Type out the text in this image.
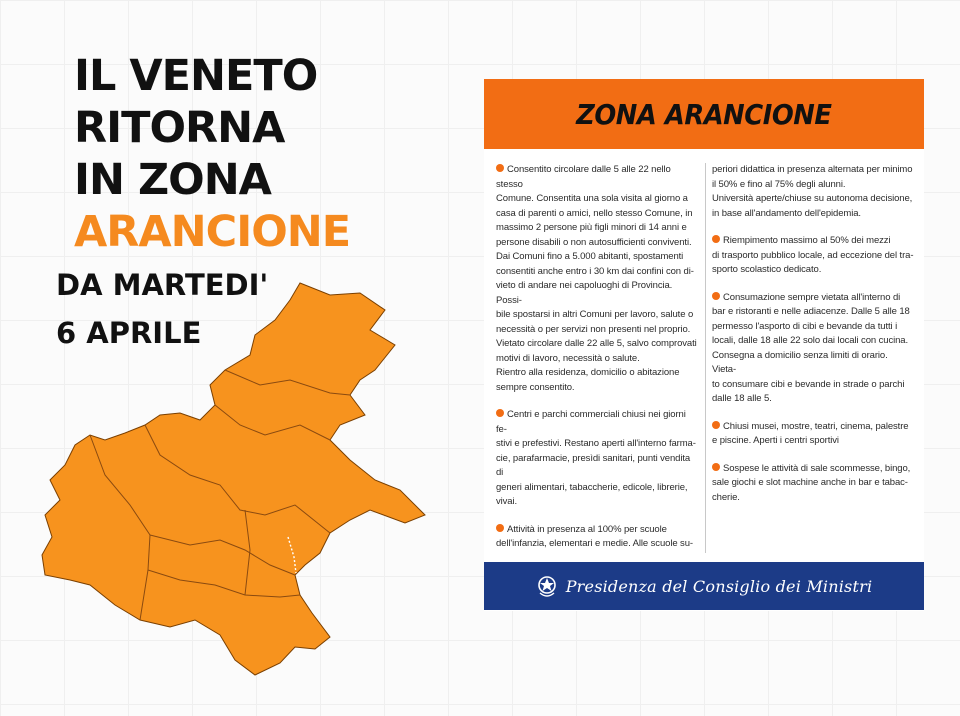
IL VENETO
RITORNA
IN ZONA
ARANCIONE

DA MARTEDI'

6 APRILE

ZONA ARANCIONE

Consentito circolare dalle 5 alle 22 nello stesso
Comune. Consentita una sola visita al giorno a
casa di parenti o amici, nello stesso Comune, in
massimo 2 persone più figli minori di 14 anni e
persone disabili o non autosufficienti conviventi.
Dai Comuni fino a 5.000 abitanti, spostamenti
consentiti anche entro i 30 km dai confini con di-
vieto di andare nei capoluoghi di Provincia. Possi-
bile spostarsi in altri Comuni per lavoro, salute o
necessità o per servizi non presenti nel proprio.
Vietato circolare dalle 22 alle 5, salvo comprovati
motivi di lavoro, necessità o salute.
Rientro alla residenza, domicilio o abitazione
sempre consentito.

Centri e parchi commerciali chiusi nei giorni fe-
stivi e prefestivi. Restano aperti all'interno farma-
cie, parafarmacie, presìdi sanitari, punti vendita di
generi alimentari, tabaccherie, edicole, librerie,
vivai.

Attività in presenza al 100% per scuole
dell'infanzia, elementari e medie. Alle scuole su-

periori didattica in presenza alternata per minimo
il 50% e fino al 75% degli alunni.
Università aperte/chiuse su autonoma decisione,
in base all'andamento dell'epidemia.

Riempimento massimo al 50% dei mezzi
di trasporto pubblico locale, ad eccezione del tra-
sporto scolastico dedicato.

Consumazione sempre vietata all'interno di
bar e ristoranti e nelle adiacenze. Dalle 5 alle 18
permesso l'asporto di cibi e bevande da tutti i
locali, dalle 18 alle 22 solo dai locali con cucina.
Consegna a domicilio senza limiti di orario. Vieta-
to consumare cibi e bevande in strade o parchi
dalle 18 alle 5.

Chiusi musei, mostre, teatri, cinema, palestre
e piscine. Aperti i centri sportivi

Sospese le attività di sale scommesse, bingo,
sale giochi e slot machine anche in bar e tabac-
cherie.

Presidenza del Consiglio dei Ministri
